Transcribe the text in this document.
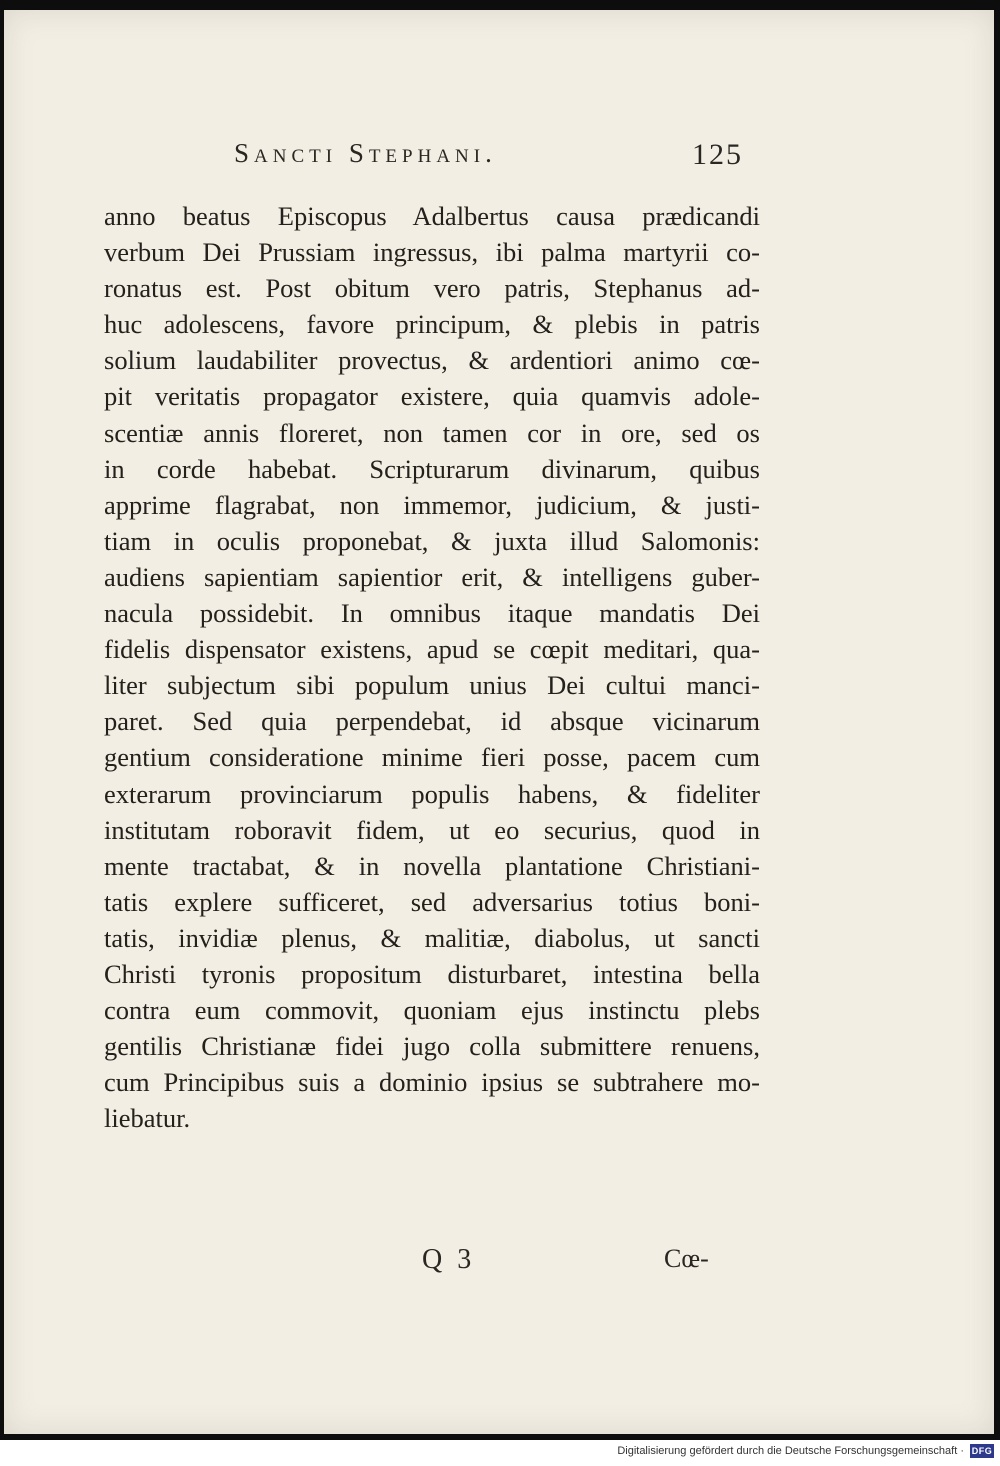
Sancti Stephani.	125
anno beatus Episcopus Adalbertus causa prædicandi
verbum Dei Prussiam ingressus, ibi palma martyrii co-
ronatus est. Post obitum vero patris, Stephanus ad-
huc adolescens, favore principum, & plebis in patris
solium laudabiliter provectus, & ardentiori animo cœ-
pit veritatis propagator existere, quia quamvis adole-
scentiæ annis floreret, non tamen cor in ore, sed os
in corde habebat. Scripturarum divinarum, quibus
apprime flagrabat, non immemor, judicium, & justi-
tiam in oculis proponebat, & juxta illud Salomonis:
audiens sapientiam sapientior erit, & intelligens guber-
nacula possidebit. In omnibus itaque mandatis Dei
fidelis dispensator existens, apud se cœpit meditari, qua-
liter subjectum sibi populum unius Dei cultui manci-
paret. Sed quia perpendebat, id absque vicinarum
gentium consideratione minime fieri posse, pacem cum
exterarum provinciarum populis habens, & fideliter
institutam roboravit fidem, ut eo securius, quod in
mente tractabat, & in novella plantatione Christiani-
tatis explere sufficeret, sed adversarius totius boni-
tatis, invidiæ plenus, & malitiæ, diabolus, ut sancti
Christi tyronis propositum disturbaret, intestina bella
contra eum commovit, quoniam ejus instinctu plebs
gentilis Christianæ fidei jugo colla submittere renuens,
cum Principibus suis a dominio ipsius se subtrahere mo-
liebatur.
Q 3	Cœ-
Digitalisierung gefördert durch die Deutsche Forschungsgemeinschaft · DFG
